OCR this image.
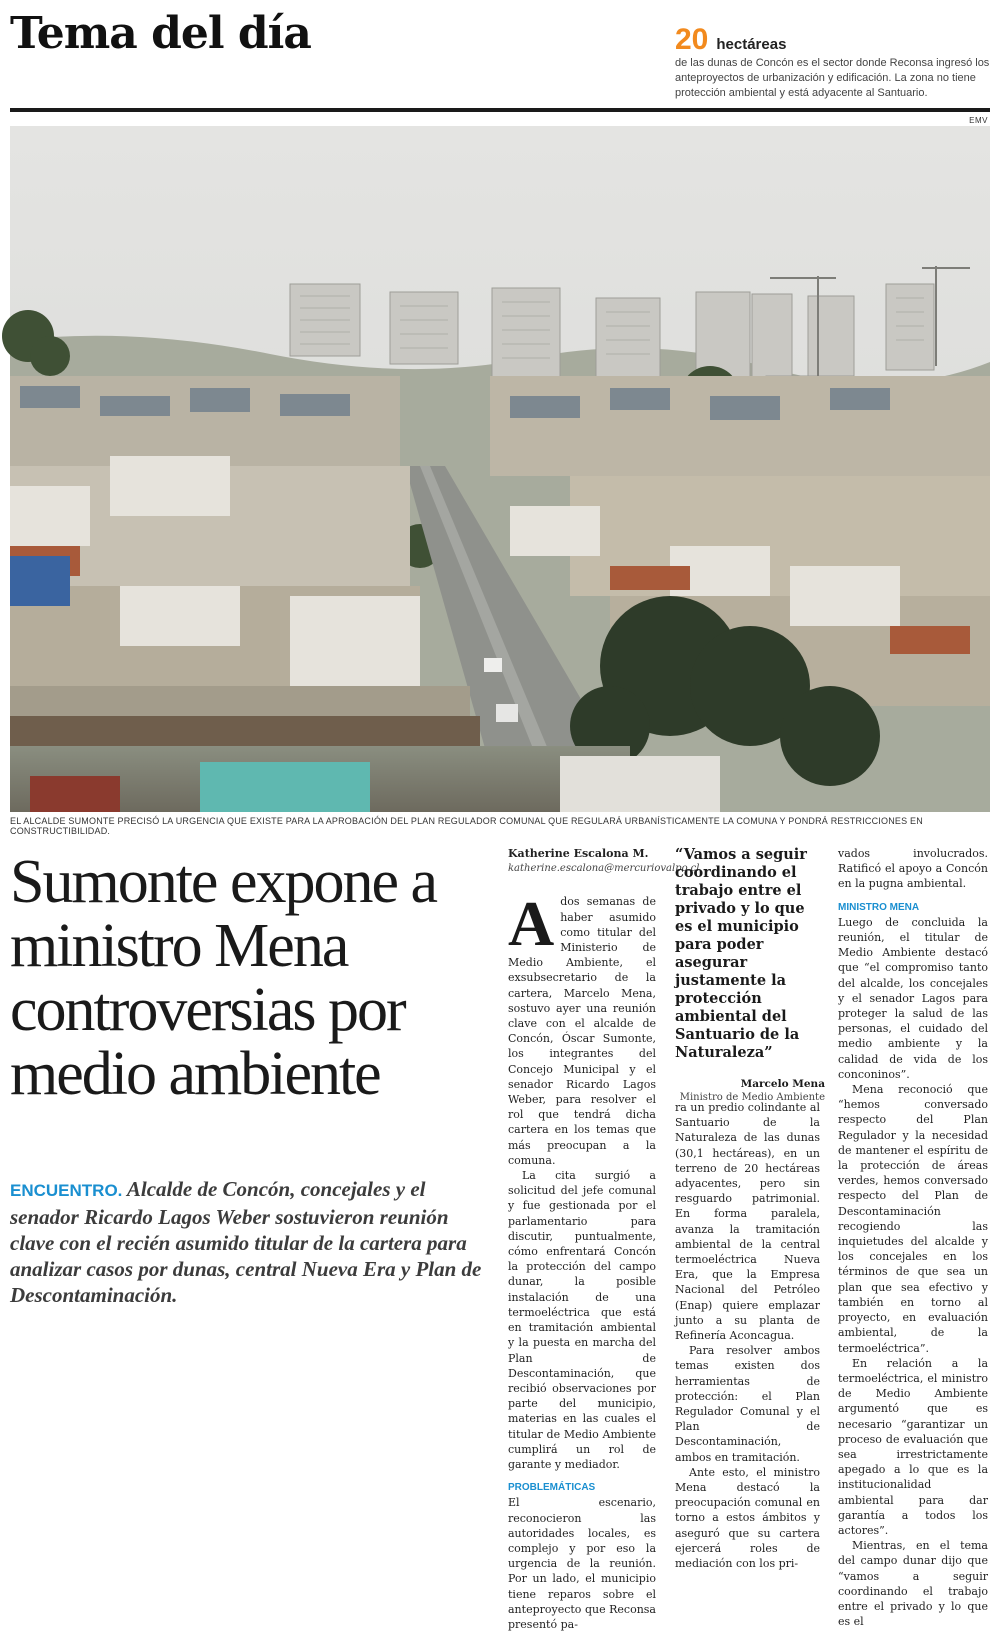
Tema del día	20 hectáreas
de las dunas de Concón es el sector donde Reconsa ingresó los anteproyectos de urbanización y edificación. La zona no tiene protección ambiental y está adyacente al Santuario.
EMV
EL ALCALDE SUMONTE PRECISÓ LA URGENCIA QUE EXISTE PARA LA APROBACIÓN DEL PLAN REGULADOR COMUNAL QUE REGULARÁ URBANÍSTICAMENTE LA COMUNA Y PONDRÁ RESTRICCIONES EN CONSTRUCTIBILIDAD.
Sumonte expone a ministro Mena controversias por medio ambiente
ENCUENTRO. Alcalde de Concón, concejales y el senador Ricardo Lagos Weber sostuvieron reunión clave con el recién asumido titular de la cartera para analizar casos por dunas, central Nueva Era y Plan de Descontaminación.
Katherine Escalona M.
katherine.escalona@mercuriovalpo.cl

A dos semanas de haber asumido como titular del Ministerio de Medio Ambiente, el exsubsecretario de la cartera, Marcelo Mena, sostuvo ayer una reunión clave con el alcalde de Concón, Óscar Sumonte, los integrantes del Concejo Municipal y el senador Ricardo Lagos Weber, para resolver el rol que tendrá dicha cartera en los temas que más preocupan a la comuna.

La cita surgió a solicitud del jefe comunal y fue gestionada por el parlamentario para discutir, puntualmente, cómo enfrentará Concón la protección del campo dunar, la posible instalación de una termoeléctrica que está en tramitación ambiental y la puesta en marcha del Plan de Descontaminación, que recibió observaciones por parte del municipio, materias en las cuales el titular de Medio Ambiente cumplirá un rol de garante y mediador.

PROBLEMÁTICAS

El escenario, reconocieron las autoridades locales, es complejo y por eso la urgencia de la reunión. Por un lado, el municipio tiene reparos sobre el anteproyecto que Reconsa presentó pa-

“Vamos a seguir coordinando el trabajo entre el privado y lo que es el municipio para poder asegurar justamente la protección ambiental del Santuario de la Naturaleza”
Marcelo Mena
Ministro de Medio Ambiente

ra un predio colindante al Santuario de la Naturaleza de las dunas (30,1 hectáreas), en un terreno de 20 hectáreas adyacentes, pero sin resguardo patrimonial. En forma paralela, avanza la tramitación ambiental de la central termoeléctrica Nueva Era, que la Empresa Nacional del Petróleo (Enap) quiere emplazar junto a su planta de Refinería Aconcagua.

Para resolver ambos temas existen dos herramientas de protección: el Plan Regulador Comunal y el Plan de Descontaminación, ambos en tramitación.

Ante esto, el ministro Mena destacó la preocupación comunal en torno a estos ámbitos y aseguró que su cartera ejercerá roles de mediación con los pri-

vados involucrados. Ratificó el apoyo a Concón en la pugna ambiental.

MINISTRO MENA

Luego de concluida la reunión, el titular de Medio Ambiente destacó que “el compromiso tanto del alcalde, los concejales y el senador Lagos para proteger la salud de las personas, el cuidado del medio ambiente y la calidad de vida de los conconinos”.

Mena reconoció que “hemos conversado respecto del Plan Regulador y la necesidad de mantener el espíritu de la protección de áreas verdes, hemos conversado respecto del Plan de Descontaminación recogiendo las inquietudes del alcalde y los concejales en los términos de que sea un plan que sea efectivo y también en torno al proyecto, en evaluación ambiental, de la termoeléctrica”.

En relación a la termoeléctrica, el ministro de Medio Ambiente argumentó que es necesario “garantizar un proceso de evaluación que sea irrestrictamente apegado a lo que es la institucionalidad ambiental para dar garantía a todos los actores”.

Mientras, en el tema del campo dunar dijo que “vamos a seguir coordinando el trabajo entre el privado y lo que es el
